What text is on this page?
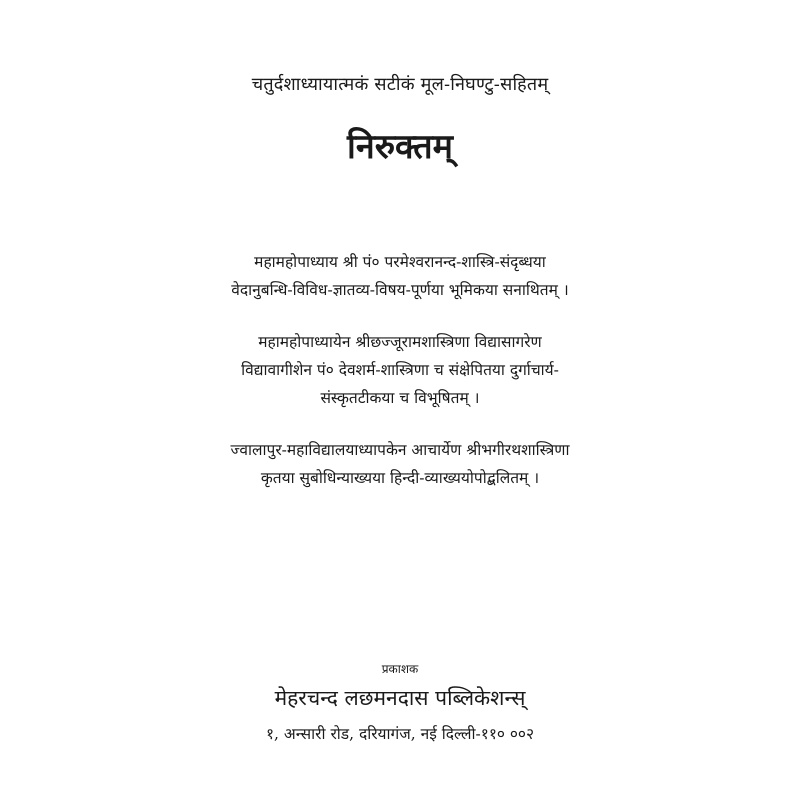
चतुर्दशाध्यायात्मकं सटीकं मूल-निघण्टु-सहितम्
निरुक्तम्
महामहोपाध्याय श्री पं० परमेश्वरानन्द-शास्त्रि-संदृब्धया
वेदानुबन्धि-विविध-ज्ञातव्य-विषय-पूर्णया भूमिकया सनाथितम् ।
महामहोपाध्यायेन श्रीछज्जूरामशास्त्रिणा विद्यासागरेण
विद्यावागीशेन पं० देवशर्म-शास्त्रिणा च संक्षेपितया दुर्गाचार्य-
संस्कृतटीकया च विभूषितम् ।
ज्वालापुर-महाविद्यालयाध्यापकेन आचार्येण श्रीभगीरथशास्त्रिणा
कृतया सुबोधिन्याख्यया हिन्दी-व्याख्ययोपोद्बलितम् ।
प्रकाशक
मेहरचन्द लछमनदास पब्लिकेशन्स्
१, अन्सारी रोड, दरियागंज, नई दिल्ली-११० ००२
